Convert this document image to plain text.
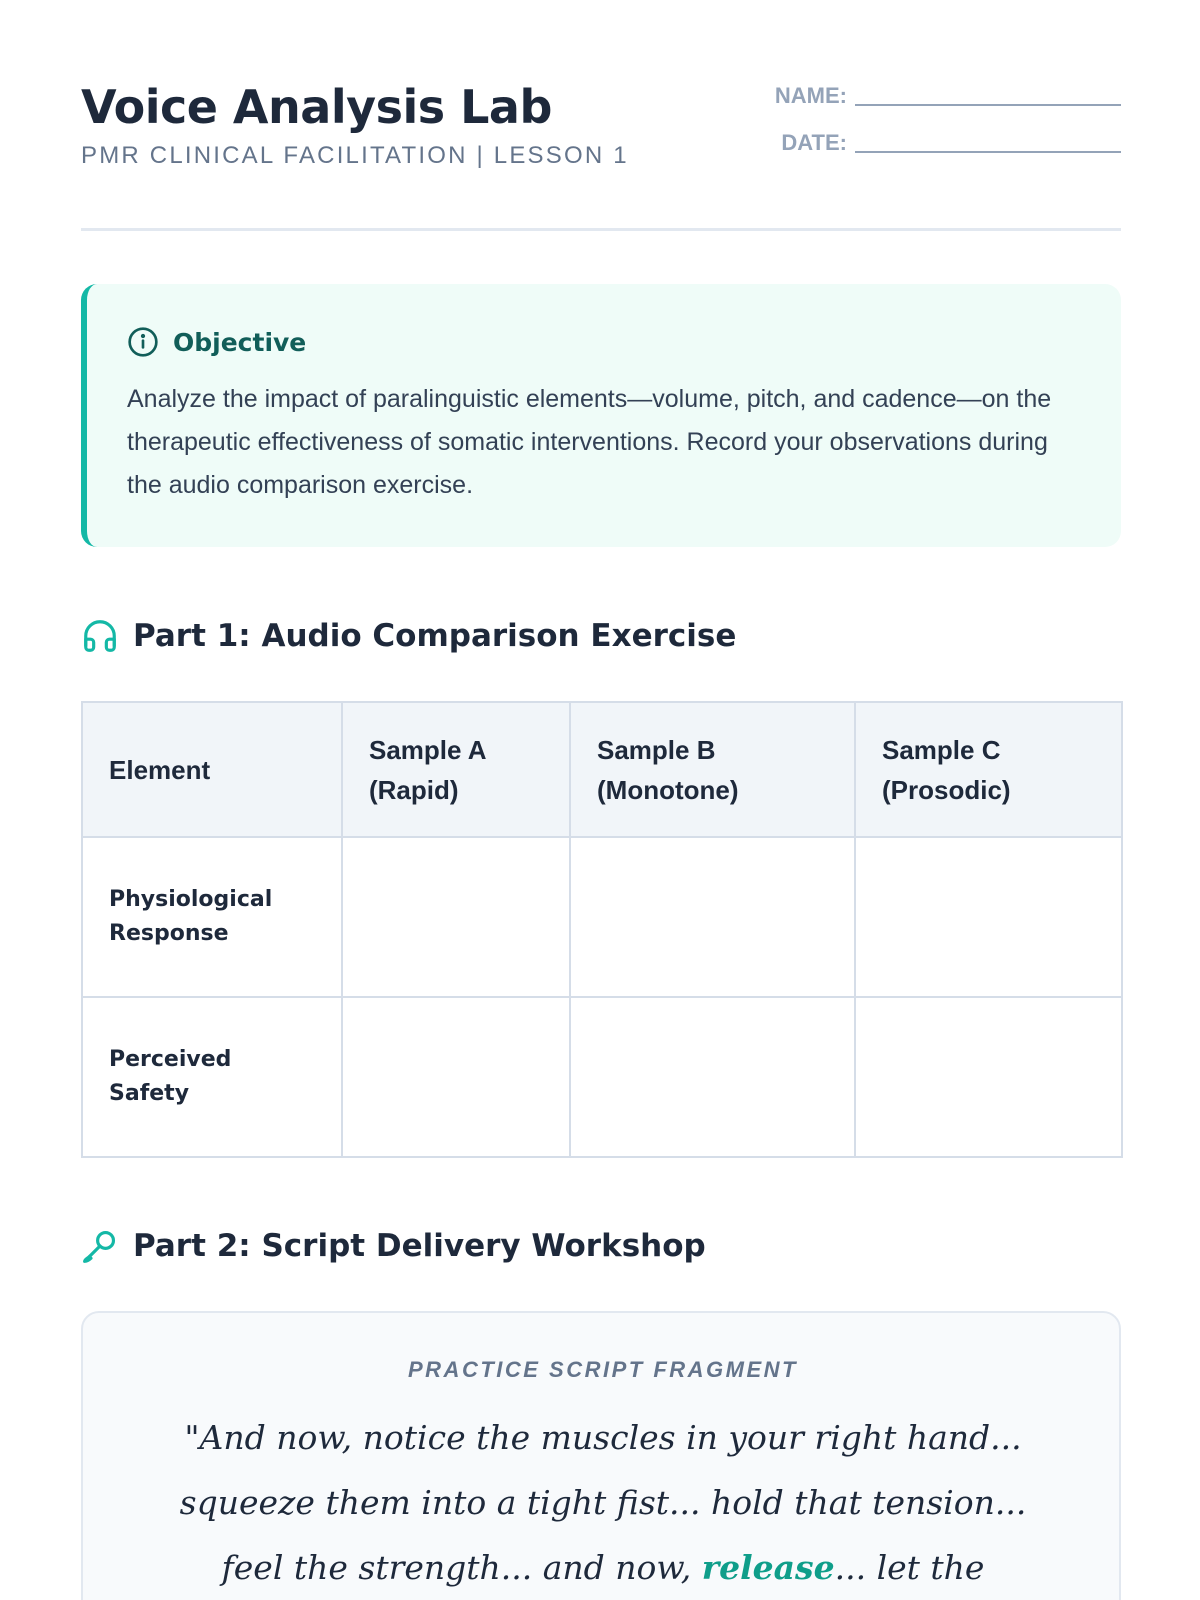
Voice Analysis Lab
PMR CLINICAL FACILITATION | LESSON 1
NAME:
DATE:
Objective

Analyze the impact of paralinguistic elements—volume, pitch, and cadence—on the therapeutic effectiveness of somatic interventions. Record your observations during the audio comparison exercise.

Part 1: Audio Comparison Exercise
Element	Sample A (Rapid)	Sample B (Monotone)	Sample C (Prosodic)
Physiological Response			
Perceived Safety			
Part 2: Script Delivery Workshop
PRACTICE SCRIPT FRAGMENT

"And now, notice the muscles in your right hand... squeeze them into a tight fist... hold that tension... feel the strength... and now, release... let the
